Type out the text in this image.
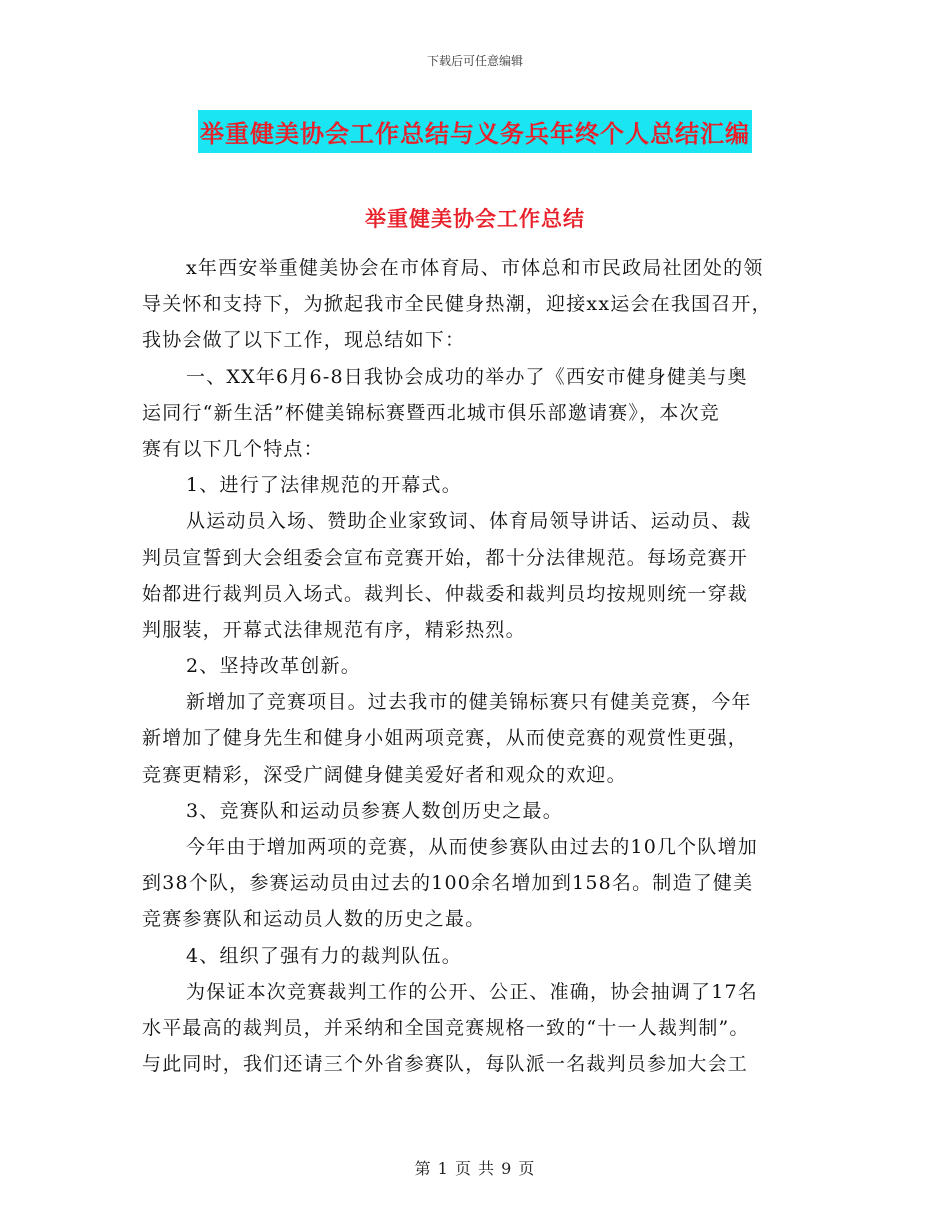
下载后可任意编辑
举重健美协会工作总结与义务兵年终个人总结汇编
举重健美协会工作总结
x年西安举重健美协会在市体育局、市体总和市民政局社团处的领
导关怀和支持下，为掀起我市全民健身热潮，迎接xx运会在我国召开，
我协会做了以下工作，现总结如下：
一、XX年6月6-8日我协会成功的举办了《西安市健身健美与奥
运同行“新生活”杯健美锦标赛暨西北城市俱乐部邀请赛》，本次竞
赛有以下几个特点：
1、进行了法律规范的开幕式。
从运动员入场、赞助企业家致词、体育局领导讲话、运动员、裁
判员宣誓到大会组委会宣布竞赛开始，都十分法律规范。每场竞赛开
始都进行裁判员入场式。裁判长、仲裁委和裁判员均按规则统一穿裁
判服装，开幕式法律规范有序，精彩热烈。
2、坚持改革创新。
新增加了竞赛项目。过去我市的健美锦标赛只有健美竞赛，今年
新增加了健身先生和健身小姐两项竞赛，从而使竞赛的观赏性更强，
竞赛更精彩，深受广阔健身健美爱好者和观众的欢迎。
3、竞赛队和运动员参赛人数创历史之最。
今年由于增加两项的竞赛，从而使参赛队由过去的10几个队增加
到38个队，参赛运动员由过去的100余名增加到158名。制造了健美
竞赛参赛队和运动员人数的历史之最。
4、组织了强有力的裁判队伍。
为保证本次竞赛裁判工作的公开、公正、准确，协会抽调了17名
水平最高的裁判员，并采纳和全国竞赛规格一致的“十一人裁判制”。
与此同时，我们还请三个外省参赛队，每队派一名裁判员参加大会工
第 1 页 共 9 页
